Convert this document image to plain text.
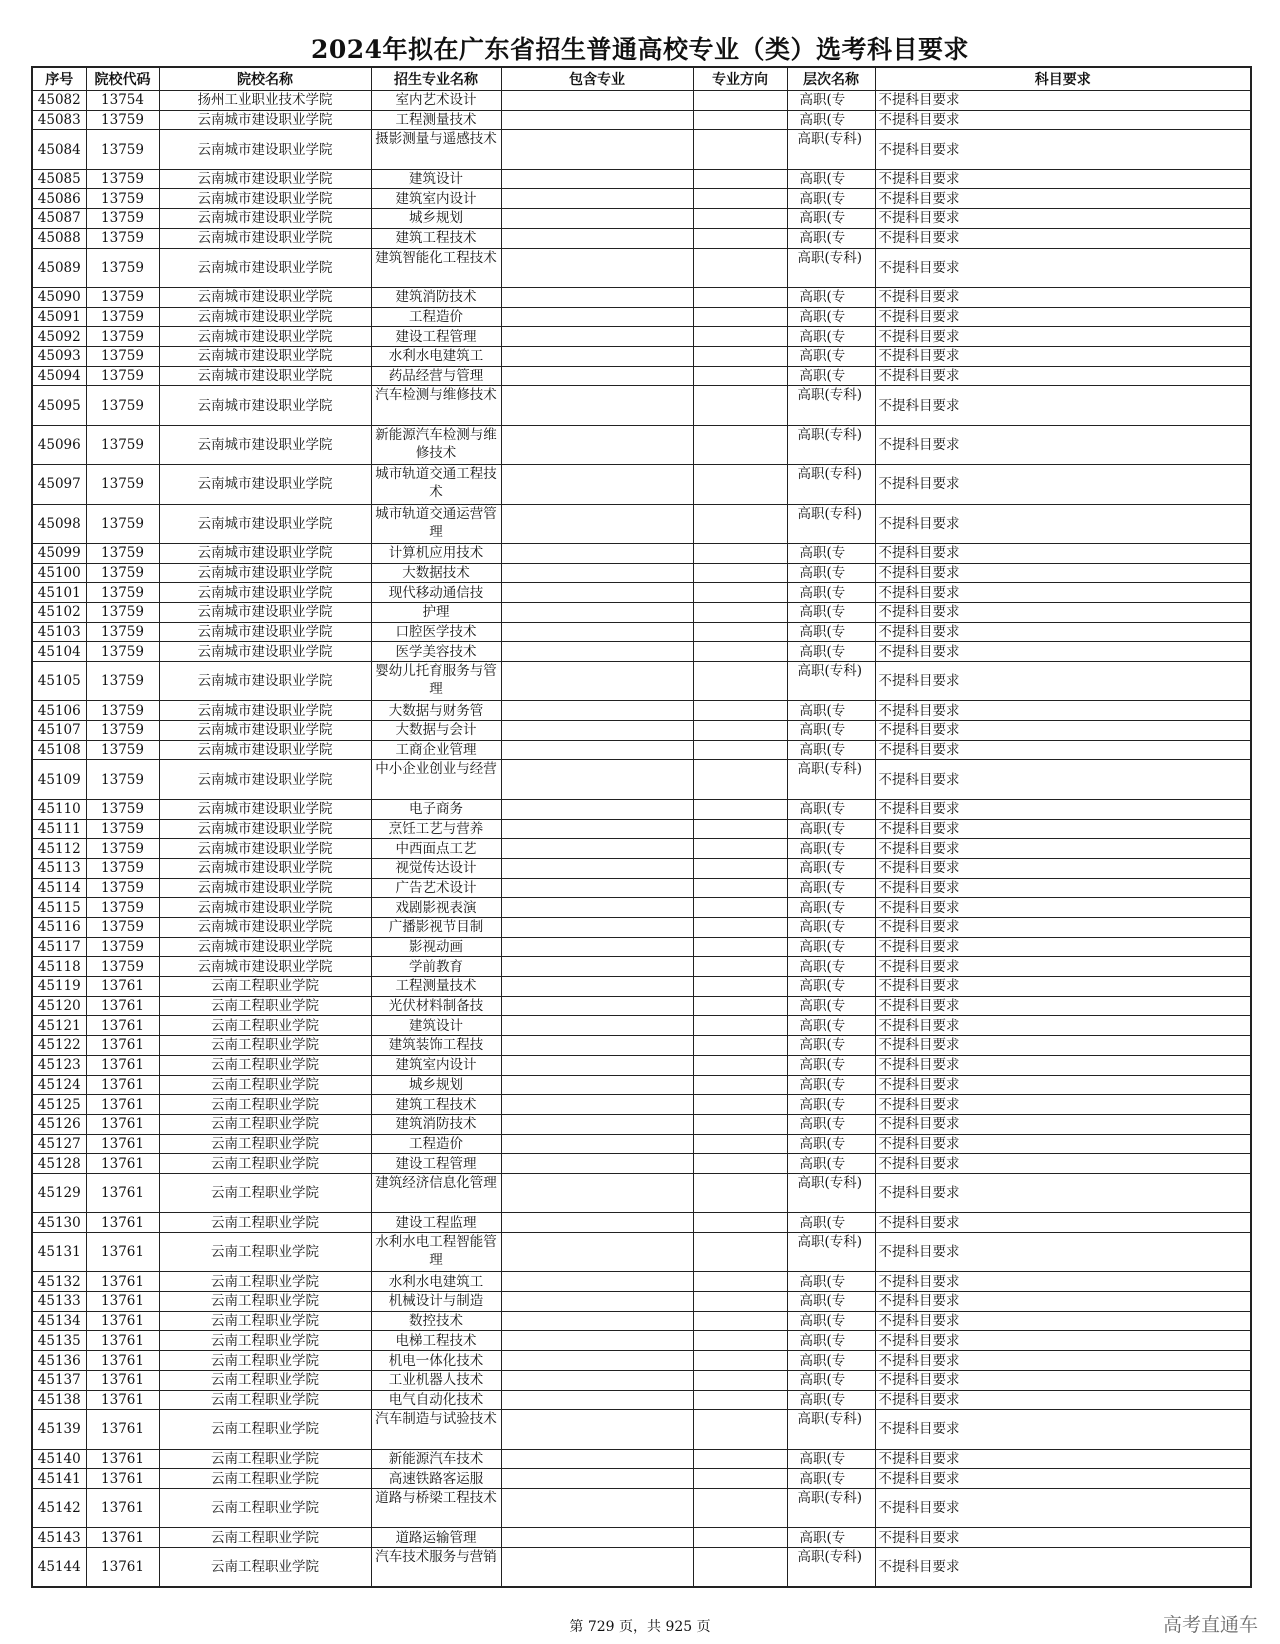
2024年拟在广东省招生普通高校专业（类）选考科目要求
序号	院校代码	院校名称	招生专业名称	包含专业	专业方向	层次名称	科目要求
45082	13754	扬州工业职业技术学院	室内艺术设计			高职(专	不提科目要求
45083	13759	云南城市建设职业学院	工程测量技术			高职(专	不提科目要求
45084	13759	云南城市建设职业学院	摄影测量与遥感技术			高职(专科)	不提科目要求
45085	13759	云南城市建设职业学院	建筑设计			高职(专	不提科目要求
45086	13759	云南城市建设职业学院	建筑室内设计			高职(专	不提科目要求
45087	13759	云南城市建设职业学院	城乡规划			高职(专	不提科目要求
45088	13759	云南城市建设职业学院	建筑工程技术			高职(专	不提科目要求
45089	13759	云南城市建设职业学院	建筑智能化工程技术			高职(专科)	不提科目要求
45090	13759	云南城市建设职业学院	建筑消防技术			高职(专	不提科目要求
45091	13759	云南城市建设职业学院	工程造价			高职(专	不提科目要求
45092	13759	云南城市建设职业学院	建设工程管理			高职(专	不提科目要求
45093	13759	云南城市建设职业学院	水利水电建筑工			高职(专	不提科目要求
45094	13759	云南城市建设职业学院	药品经营与管理			高职(专	不提科目要求
45095	13759	云南城市建设职业学院	汽车检测与维修技术			高职(专科)	不提科目要求
45096	13759	云南城市建设职业学院	新能源汽车检测与维修技术			高职(专科)	不提科目要求
45097	13759	云南城市建设职业学院	城市轨道交通工程技术			高职(专科)	不提科目要求
45098	13759	云南城市建设职业学院	城市轨道交通运营管理			高职(专科)	不提科目要求
45099	13759	云南城市建设职业学院	计算机应用技术			高职(专	不提科目要求
45100	13759	云南城市建设职业学院	大数据技术			高职(专	不提科目要求
45101	13759	云南城市建设职业学院	现代移动通信技			高职(专	不提科目要求
45102	13759	云南城市建设职业学院	护理			高职(专	不提科目要求
45103	13759	云南城市建设职业学院	口腔医学技术			高职(专	不提科目要求
45104	13759	云南城市建设职业学院	医学美容技术			高职(专	不提科目要求
45105	13759	云南城市建设职业学院	婴幼儿托育服务与管理			高职(专科)	不提科目要求
45106	13759	云南城市建设职业学院	大数据与财务管			高职(专	不提科目要求
45107	13759	云南城市建设职业学院	大数据与会计			高职(专	不提科目要求
45108	13759	云南城市建设职业学院	工商企业管理			高职(专	不提科目要求
45109	13759	云南城市建设职业学院	中小企业创业与经营			高职(专科)	不提科目要求
45110	13759	云南城市建设职业学院	电子商务			高职(专	不提科目要求
45111	13759	云南城市建设职业学院	烹饪工艺与营养			高职(专	不提科目要求
45112	13759	云南城市建设职业学院	中西面点工艺			高职(专	不提科目要求
45113	13759	云南城市建设职业学院	视觉传达设计			高职(专	不提科目要求
45114	13759	云南城市建设职业学院	广告艺术设计			高职(专	不提科目要求
45115	13759	云南城市建设职业学院	戏剧影视表演			高职(专	不提科目要求
45116	13759	云南城市建设职业学院	广播影视节目制			高职(专	不提科目要求
45117	13759	云南城市建设职业学院	影视动画			高职(专	不提科目要求
45118	13759	云南城市建设职业学院	学前教育			高职(专	不提科目要求
45119	13761	云南工程职业学院	工程测量技术			高职(专	不提科目要求
45120	13761	云南工程职业学院	光伏材料制备技			高职(专	不提科目要求
45121	13761	云南工程职业学院	建筑设计			高职(专	不提科目要求
45122	13761	云南工程职业学院	建筑装饰工程技			高职(专	不提科目要求
45123	13761	云南工程职业学院	建筑室内设计			高职(专	不提科目要求
45124	13761	云南工程职业学院	城乡规划			高职(专	不提科目要求
45125	13761	云南工程职业学院	建筑工程技术			高职(专	不提科目要求
45126	13761	云南工程职业学院	建筑消防技术			高职(专	不提科目要求
45127	13761	云南工程职业学院	工程造价			高职(专	不提科目要求
45128	13761	云南工程职业学院	建设工程管理			高职(专	不提科目要求
45129	13761	云南工程职业学院	建筑经济信息化管理			高职(专科)	不提科目要求
45130	13761	云南工程职业学院	建设工程监理			高职(专	不提科目要求
45131	13761	云南工程职业学院	水利水电工程智能管理			高职(专科)	不提科目要求
45132	13761	云南工程职业学院	水利水电建筑工			高职(专	不提科目要求
45133	13761	云南工程职业学院	机械设计与制造			高职(专	不提科目要求
45134	13761	云南工程职业学院	数控技术			高职(专	不提科目要求
45135	13761	云南工程职业学院	电梯工程技术			高职(专	不提科目要求
45136	13761	云南工程职业学院	机电一体化技术			高职(专	不提科目要求
45137	13761	云南工程职业学院	工业机器人技术			高职(专	不提科目要求
45138	13761	云南工程职业学院	电气自动化技术			高职(专	不提科目要求
45139	13761	云南工程职业学院	汽车制造与试验技术			高职(专科)	不提科目要求
45140	13761	云南工程职业学院	新能源汽车技术			高职(专	不提科目要求
45141	13761	云南工程职业学院	高速铁路客运服			高职(专	不提科目要求
45142	13761	云南工程职业学院	道路与桥梁工程技术			高职(专科)	不提科目要求
45143	13761	云南工程职业学院	道路运输管理			高职(专	不提科目要求
45144	13761	云南工程职业学院	汽车技术服务与营销			高职(专科)	不提科目要求
第 729 页，共 925 页	高考直通车
